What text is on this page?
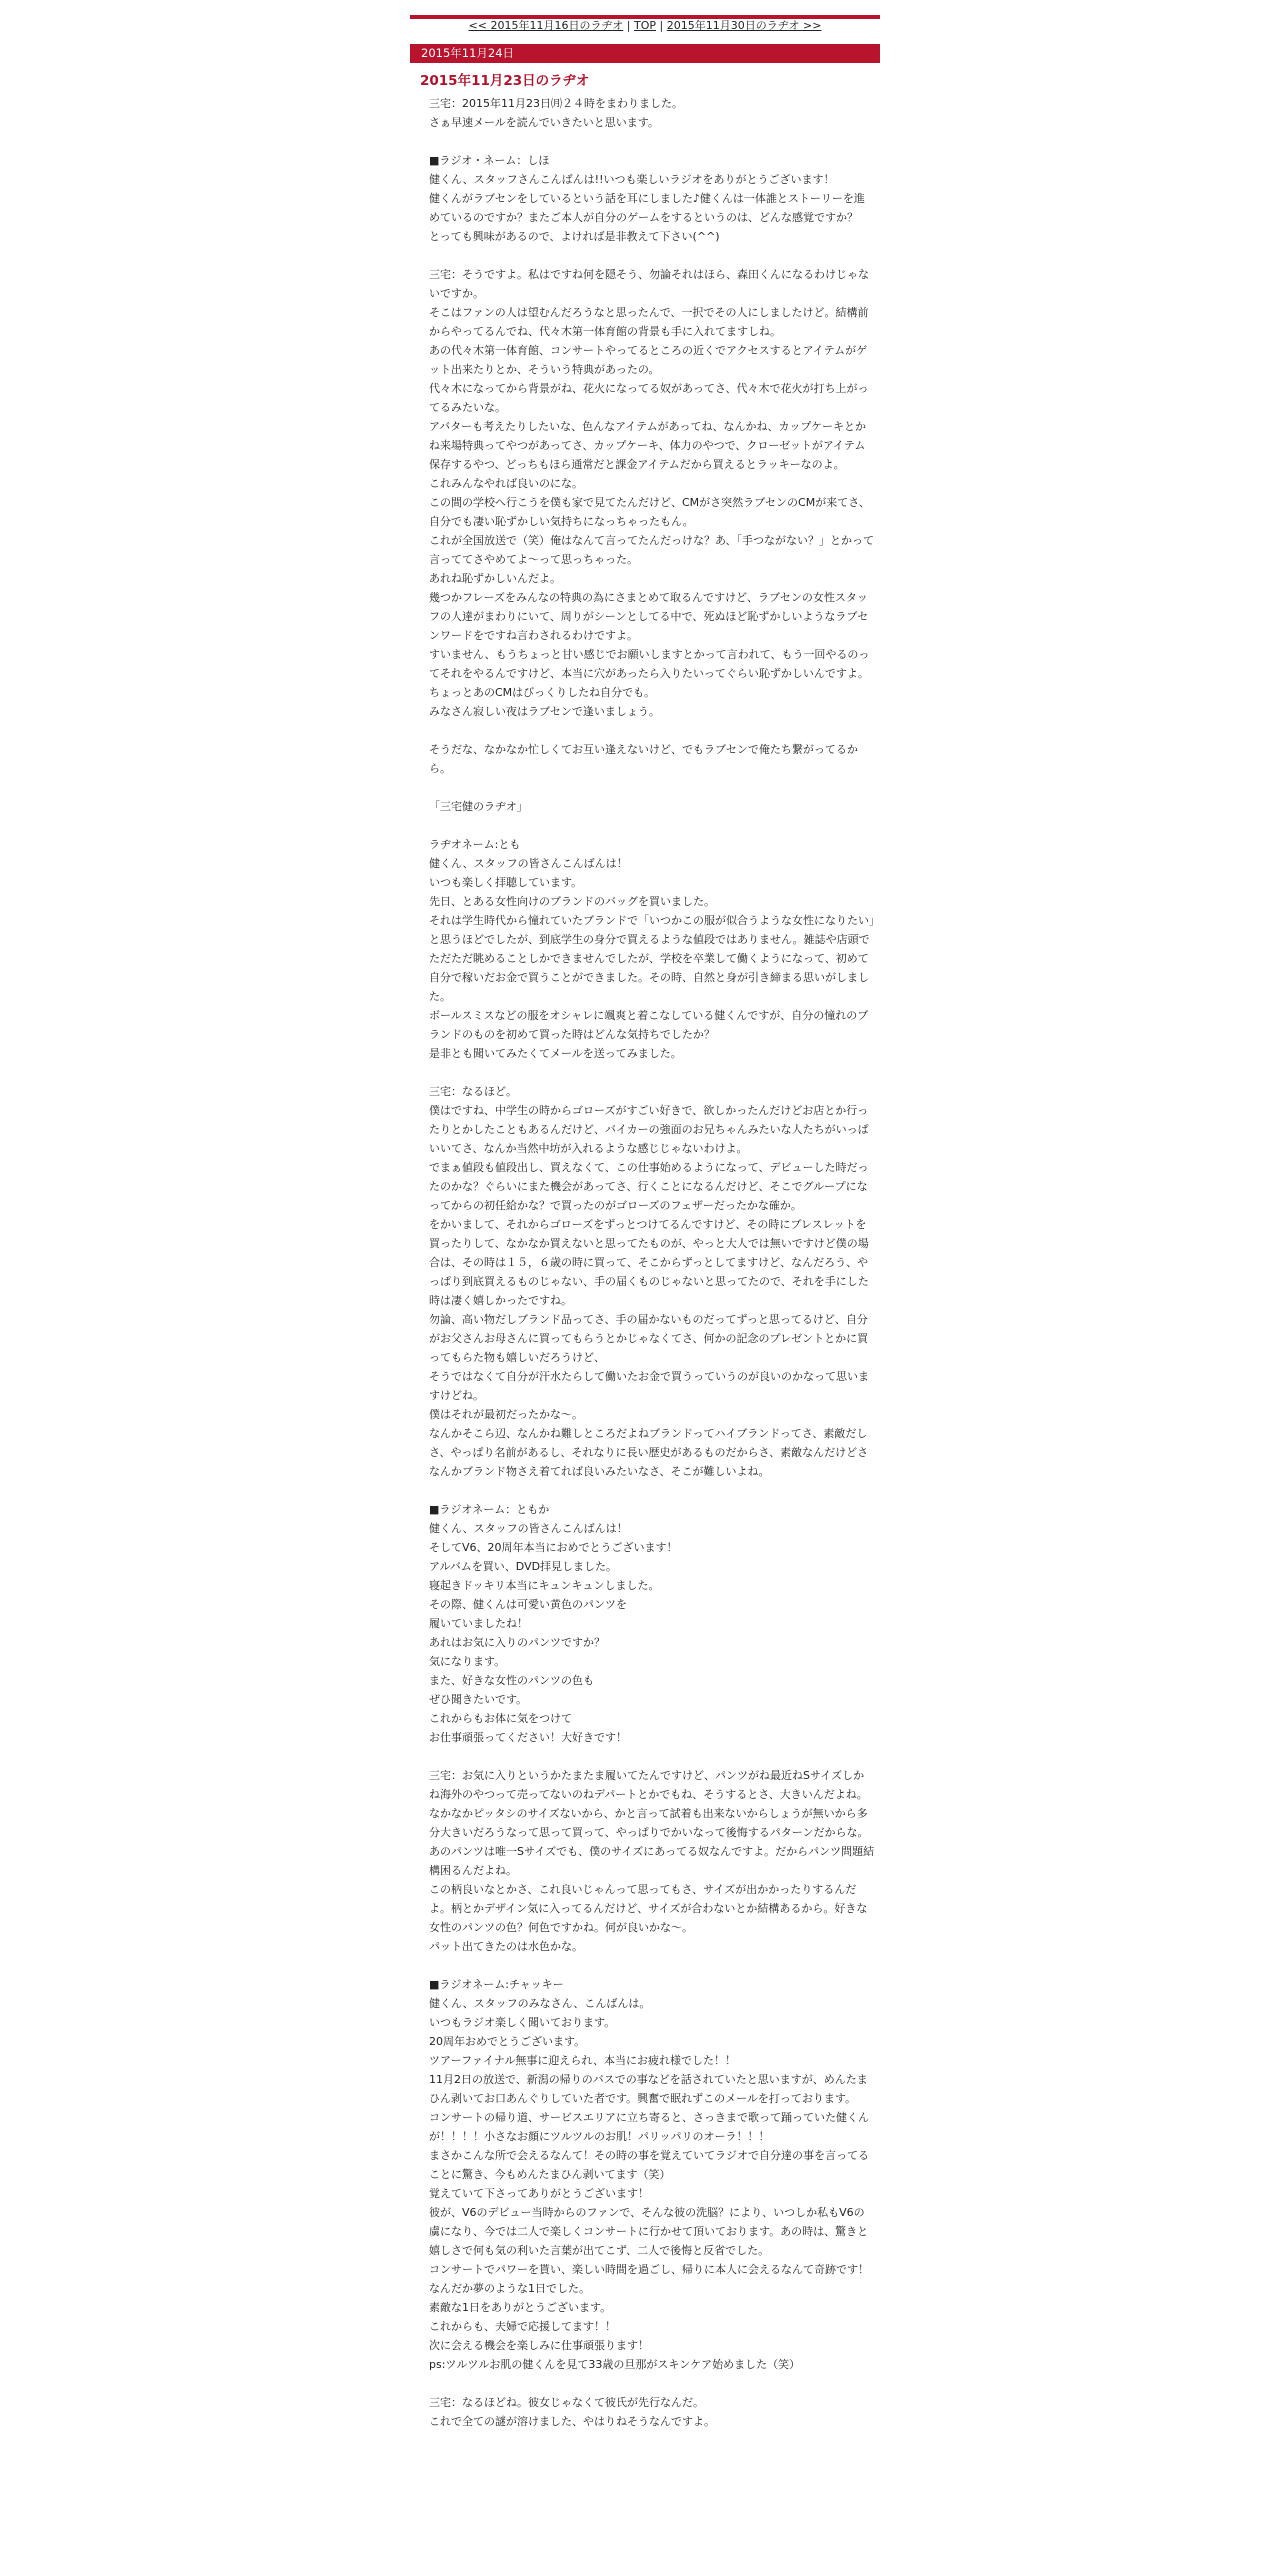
<< 2015年11月16日のラヂオ | TOP | 2015年11月30日のラヂオ >>
2015年11月24日
2015年11月23日のラヂオ
三宅：2015年11月23日㈪２４時をまわりました。
さぁ早速メールを読んでいきたいと思います。

■ラジオ・ネーム：しほ
健くん、スタッフさんこんばんは!!いつも楽しいラジオをありがとうございます！
健くんがラブセンをしているという話を耳にしました♪健くんは一体誰とストーリーを進めているのですか？またご本人が自分のゲームをするというのは、どんな感覚ですか？
とっても興味があるので、よければ是非教えて下さい(^^)

三宅：そうですよ。私はですね何を隠そう、勿論それはほら、森田くんになるわけじゃないですか。
そこはファンの人は望むんだろうなと思ったんで、一択でその人にしましたけど。結構前からやってるんでね、代々木第一体育館の背景も手に入れてますしね。
あの代々木第一体育館、コンサートやってるところの近くでアクセスするとアイテムがゲット出来たりとか、そういう特典があったの。
代々木になってから背景がね、花火になってる奴があってさ、代々木で花火が打ち上がってるみたいな。
アバターも考えたりしたいな、色んなアイテムがあってね、なんかね、カップケーキとかね来場特典ってやつがあってさ、カップケーキ、体力のやつで、クローゼットがアイテム保存するやつ、どっちもほら通常だと課金アイテムだから買えるとラッキーなのよ。
これみんなやれば良いのにな。
この間の学校へ行こうを僕も家で見てたんだけど、CMがさ突然ラブセンのCMが来てさ、自分でも凄い恥ずかしい気持ちになっちゃったもん。
これが全国放送で（笑）俺はなんて言ってたんだっけな？あ、「手つながない？」とかって言っててさやめてよ～って思っちゃった。
あれね恥ずかしいんだよ。
幾つかフレーズをみんなの特典の為にさまとめて取るんですけど、ラブセンの女性スタッフの人達がまわりにいて、周りがシーンとしてる中で、死ぬほど恥ずかしいようなラブセンワードをですね言わされるわけですよ。
すいません、もうちょっと甘い感じでお願いしますとかって言われて、もう一回やるのってそれをやるんですけど、本当に穴があったら入りたいってぐらい恥ずかしいんですよ。
ちょっとあのCMはびっくりしたね自分でも。
みなさん寂しい夜はラブセンで逢いましょう。

そうだな、なかなか忙しくてお互い逢えないけど、でもラブセンで俺たち繋がってるから。

「三宅健のラヂオ」

ラヂオネーム:とも
健くん、スタッフの皆さんこんばんは！
いつも楽しく拝聴しています。
先日、とある女性向けのブランドのバッグを買いました。
それは学生時代から憧れていたブランドで「いつかこの服が似合うような女性になりたい」と思うほどでしたが、到底学生の身分で買えるような値段ではありません。雑誌や店頭でただただ眺めることしかできませんでしたが、学校を卒業して働くようになって、初めて自分で稼いだお金で買うことができました。その時、自然と身が引き締まる思いがしました。
ボールスミスなどの服をオシャレに颯爽と着こなしている健くんですが、自分の憧れのブランドのものを初めて買った時はどんな気持ちでしたか？
是非とも聞いてみたくてメールを送ってみました。

三宅：なるほど。
僕はですね、中学生の時からゴローズがすごい好きで、欲しかったんだけどお店とか行ったりとかしたこともあるんだけど、バイカーの強面のお兄ちゃんみたいな人たちがいっぱいいてさ、なんか当然中坊が入れるような感じじゃないわけよ。
でまぁ値段も値段出し、買えなくて、この仕事始めるようになって、デビューした時だったのかな？ぐらいにまた機会があってさ、行くことになるんだけど、そこでグループになってからの初任給かな？で買ったのがゴローズのフェザーだったかな確か。
をかいまして、それからゴローズをずっとつけてるんですけど、その時にブレスレットを買ったりして、なかなか買えないと思ってたものが、やっと大人では無いですけど僕の場合は、その時は１５，６歳の時に買って、そこからずっとしてますけど、なんだろう、やっぱり到底買えるものじゃない、手の届くものじゃないと思ってたので、それを手にした時は凄く嬉しかったですね。
勿論、高い物だしブランド品ってさ、手の届かないものだってずっと思ってるけど、自分がお父さんお母さんに買ってもらうとかじゃなくてさ、何かの記念のプレゼントとかに買ってもらた物も嬉しいだろうけど、
そうではなくて自分が汗水たらして働いたお金で買うっていうのが良いのかなって思いますけどね。
僕はそれが最初だったかな～。
なんかそこら辺、なんかね難しところだよねブランドってハイブランドってさ、素敵だしさ、やっぱり名前があるし、それなりに長い歴史があるものだからさ、素敵なんだけどさなんかブランド物さえ着てれば良いみたいなさ、そこが難しいよね。

■ラジオネーム：ともか
健くん、スタッフの皆さんこんばんは！
そしてV6、20周年本当におめでとうございます！
アルバムを買い、DVD拝見しました。
寝起きドッキリ本当にキュンキュンしました。
その際、健くんは可愛い黄色のパンツを
履いていましたね！
あれはお気に入りのパンツですか？
気になります。
また、好きな女性のパンツの色も
ぜひ聞きたいです。
これからもお体に気をつけて
お仕事頑張ってください！大好きです！

三宅：お気に入りというかたまたま履いてたんですけど、パンツがね最近ねSサイズしかね海外のやつって売ってないのねデパートとかでもね、そうするとさ、大きいんだよね。
なかなかピッタシのサイズないから、かと言って試着も出来ないからしょうが無いから多分大きいだろうなって思って買って、やっぱりでかいなって後悔するパターンだからな。
あのパンツは唯一Sサイズでも、僕のサイズにあってる奴なんですよ。だからパンツ問題結構困るんだよね。
この柄良いなとかさ、これ良いじゃんって思ってもさ、サイズが出かかったりするんだよ。柄とかデザイン気に入ってるんだけど、サイズが合わないとか結構あるから。好きな女性のパンツの色？何色ですかね。何が良いかな～。
パット出てきたのは水色かな。

■ラジオネーム:チャッキー
健くん、スタッフのみなさん、こんばんは。
いつもラジオ楽しく聞いております。
20周年おめでとうございます。
ツアーファイナル無事に迎えられ、本当にお疲れ様でした！！
11月2日の放送で、新潟の帰りのバスでの事などを話されていたと思いますが、めんたまひん剥いてお口あんぐりしていた者です。興奮で眠れずこのメールを打っております。
コンサートの帰り道、サービスエリアに立ち寄ると、さっきまで歌って踊っていた健くんが！！！！小さなお顔にツルツルのお肌！パリッパリのオーラ！！！
まさかこんな所で会えるなんて！その時の事を覚えていてラジオで自分達の事を言ってることに驚き、今もめんたまひん剥いてます（笑）
覚えていて下さってありがとうございます！
彼が、V6のデビュー当時からのファンで、そんな彼の洗脳？により、いつしか私もV6の虜になり、今では二人で楽しくコンサートに行かせて頂いております。あの時は、驚きと嬉しさで何も気の利いた言葉が出てこず、二人で後悔と反省でした。
コンサートでパワーを貰い、楽しい時間を過ごし、帰りに本人に会えるなんて奇跡です！なんだか夢のような1日でした。
素敵な1日をありがとうございます。
これからも、夫婦で応援してます！！
次に会える機会を楽しみに仕事頑張ります！
ps:ツルツルお肌の健くんを見て33歳の旦那がスキンケア始めました（笑）

三宅：なるほどね。彼女じゃなくて彼氏が先行なんだ。
これで全ての謎が溶けました、やはりねそうなんですよ。
